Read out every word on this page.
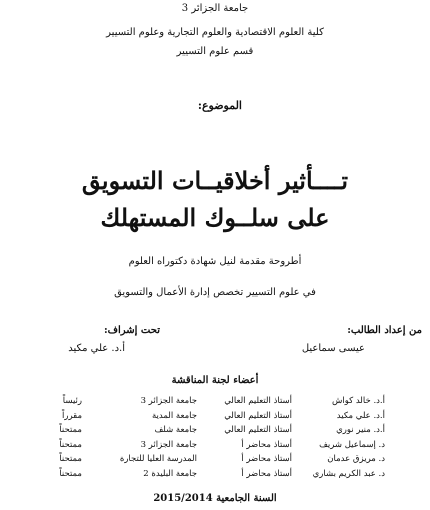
جامعة الجزائر 3
كلية العلوم الاقتصادية والعلوم التجارية وعلوم التسيير
قسم علوم التسيير
الموضوع:
تــــأثير أخلاقيــات التسويق
على سلــوك المستهلك
أطروحة مقدمة لنيل شهادة دكتوراه العلوم
في علوم التسيير تخصص إدارة الأعمال والتسويق
من إعداد الطالب:
عيسى سماعيل
تحت إشراف:
أ.د. علي مكيد
أعضاء لجنة المناقشة
أ.د. خالد كواش	أستاذ التعليم العالي	جامعة الجزائر 3	رئيساً
أ.د. علي مكيد	أستاذ التعليم العالي	جامعة المدية	مقرراً
أ.د. منير نوري	أستاذ التعليم العالي	جامعة شلف	ممتحناً
د. إسماعيل شريف	أستاذ محاضر أ	جامعة الجزائر 3	ممتحناً
د. مريزق عدمان	أستاذ محاضر أ	المدرسة العليا للتجارة	ممتحناً
د. عبد الكريم بشاري	أستاذ محاضر أ	جامعة البليدة 2	ممتحناً
السنة الجامعية 2015/2014
